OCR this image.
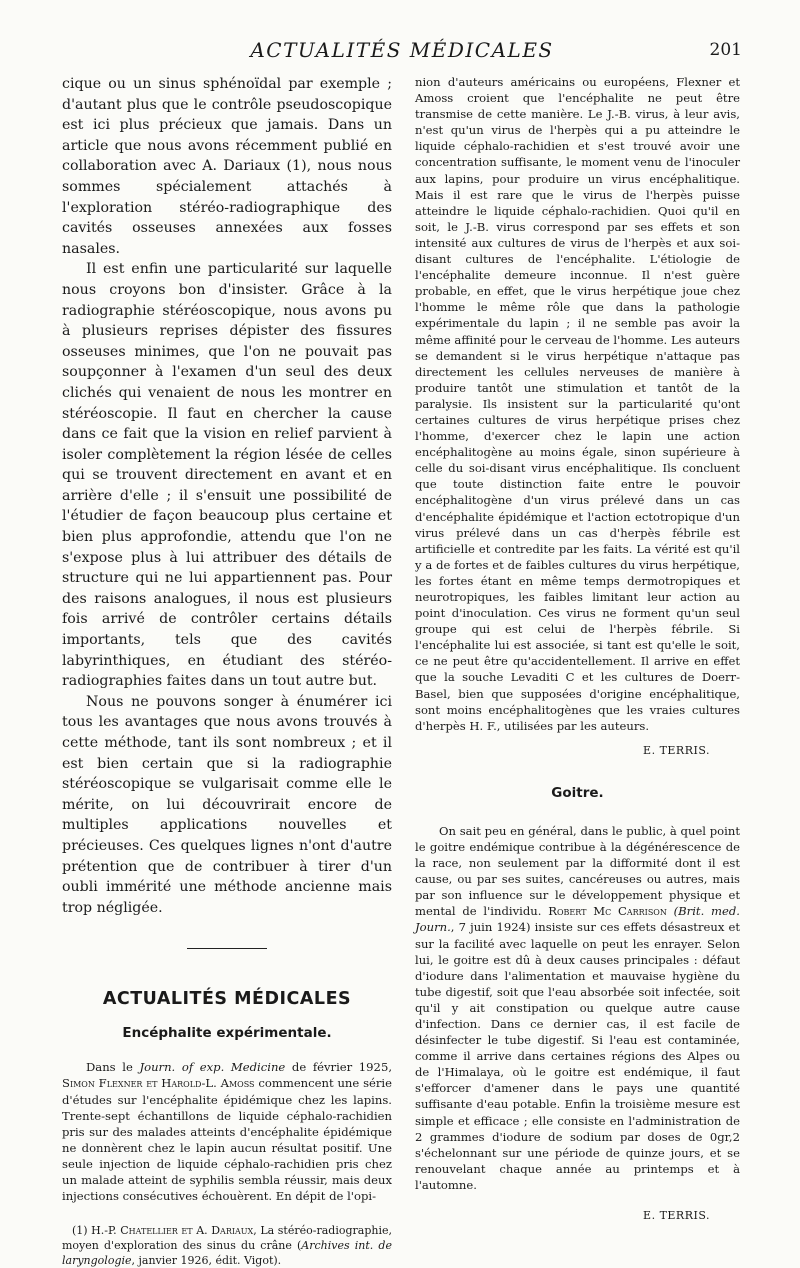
ACTUALITÉS MÉDICALES	201

cique ou un sinus sphénoïdal par exemple ; d'autant plus que le contrôle pseudoscopique est ici plus précieux que jamais. Dans un article que nous avons récemment publié en collaboration avec A. Dariaux (1), nous nous sommes spécialement attachés à l'exploration stéréo-radiographique des cavités osseuses annexées aux fosses nasales.

Il est enfin une particularité sur laquelle nous croyons bon d'insister. Grâce à la radiographie stéréoscopique, nous avons pu à plusieurs reprises dépister des fissures osseuses minimes, que l'on ne pouvait pas soupçonner à l'examen d'un seul des deux clichés qui venaient de nous les montrer en stéréoscopie. Il faut en chercher la cause dans ce fait que la vision en relief parvient à isoler complètement la région lésée de celles qui se trouvent directement en avant et en arrière d'elle ; il s'ensuit une possibilité de l'étudier de façon beaucoup plus certaine et bien plus approfondie, attendu que l'on ne s'expose plus à lui attribuer des détails de structure qui ne lui appartiennent pas. Pour des raisons analogues, il nous est plusieurs fois arrivé de contrôler certains détails importants, tels que des cavités labyrinthiques, en étudiant des stéréo-radiographies faites dans un tout autre but.

Nous ne pouvons songer à énumérer ici tous les avantages que nous avons trouvés à cette méthode, tant ils sont nombreux ; et il est bien certain que si la radiographie stéréoscopique se vulgarisait comme elle le mérite, on lui découvrirait encore de multiples applications nouvelles et précieuses. Ces quelques lignes n'ont d'autre prétention que de contribuer à tirer d'un oubli immérité une méthode ancienne mais trop négligée.

ACTUALITÉS MÉDICALES
Encéphalite expérimentale.

Dans le Journ. of exp. Medicine de février 1925, Simon Flexner et Harold-L. Amoss commencent une série d'études sur l'encéphalite épidémique chez les lapins. Trente-sept échantillons de liquide céphalo-rachidien pris sur des malades atteints d'encéphalite épidémique ne donnèrent chez le lapin aucun résultat positif. Une seule injection de liquide céphalo-rachidien pris chez un malade atteint de syphilis sembla réussir, mais deux injections consécutives échouèrent. En dépit de l'opi-

(1) H.-P. Chatellier et A. Dariaux, La stéréo-radiographie, moyen d'exploration des sinus du crâne (Archives int. de laryngologie, janvier 1926, édit. Vigot).

nion d'auteurs américains ou européens, Flexner et Amoss croient que l'encéphalite ne peut être transmise de cette manière. Le J.-B. virus, à leur avis, n'est qu'un virus de l'herpès qui a pu atteindre le liquide céphalo-rachidien et s'est trouvé avoir une concentration suffisante, le moment venu de l'inoculer aux lapins, pour produire un virus encéphalitique. Mais il est rare que le virus de l'herpès puisse atteindre le liquide céphalo-rachidien. Quoi qu'il en soit, le J.-B. virus correspond par ses effets et son intensité aux cultures de virus de l'herpès et aux soi-disant cultures de l'encéphalite. L'étiologie de l'encéphalite demeure inconnue. Il n'est guère probable, en effet, que le virus herpétique joue chez l'homme le même rôle que dans la pathologie expérimentale du lapin ; il ne semble pas avoir la même affinité pour le cerveau de l'homme. Les auteurs se demandent si le virus herpétique n'attaque pas directement les cellules nerveuses de manière à produire tantôt une stimulation et tantôt de la paralysie. Ils insistent sur la particularité qu'ont certaines cultures de virus herpétique prises chez l'homme, d'exercer chez le lapin une action encéphalitogène au moins égale, sinon supérieure à celle du soi-disant virus encéphalitique. Ils concluent que toute distinction faite entre le pouvoir encéphalitogène d'un virus prélevé dans un cas d'encéphalite épidémique et l'action ectotropique d'un virus prélevé dans un cas d'herpès fébrile est artificielle et contredite par les faits. La vérité est qu'il y a de fortes et de faibles cultures du virus herpétique, les fortes étant en même temps dermotropiques et neurotropiques, les faibles limitant leur action au point d'inoculation. Ces virus ne forment qu'un seul groupe qui est celui de l'herpès fébrile. Si l'encéphalite lui est associée, si tant est qu'elle le soit, ce ne peut être qu'accidentellement. Il arrive en effet que la souche Levaditi C et les cultures de Doerr-Basel, bien que supposées d'origine encéphalitique, sont moins encéphalitogènes que les vraies cultures d'herpès H. F., utilisées par les auteurs.

E. TERRIS.
Goitre.

On sait peu en général, dans le public, à quel point le goitre endémique contribue à la dégénérescence de la race, non seulement par la difformité dont il est cause, ou par ses suites, cancéreuses ou autres, mais par son influence sur le développement physique et mental de l'individu. Robert Mc Carrison (Brit. med. Journ., 7 juin 1924) insiste sur ces effets désastreux et sur la facilité avec laquelle on peut les enrayer. Selon lui, le goitre est dû à deux causes principales : défaut d'iodure dans l'alimentation et mauvaise hygiène du tube digestif, soit que l'eau absorbée soit infectée, soit qu'il y ait constipation ou quelque autre cause d'infection. Dans ce dernier cas, il est facile de désinfecter le tube digestif. Si l'eau est contaminée, comme il arrive dans certaines régions des Alpes ou de l'Himalaya, où le goitre est endémique, il faut s'efforcer d'amener dans le pays une quantité suffisante d'eau potable. Enfin la troisième mesure est simple et efficace ; elle consiste en l'administration de 2 grammes d'iodure de sodium par doses de 0gr,2 s'échelonnant sur une période de quinze jours, et se renouvelant chaque année au printemps et à l'automne.

E. TERRIS.
